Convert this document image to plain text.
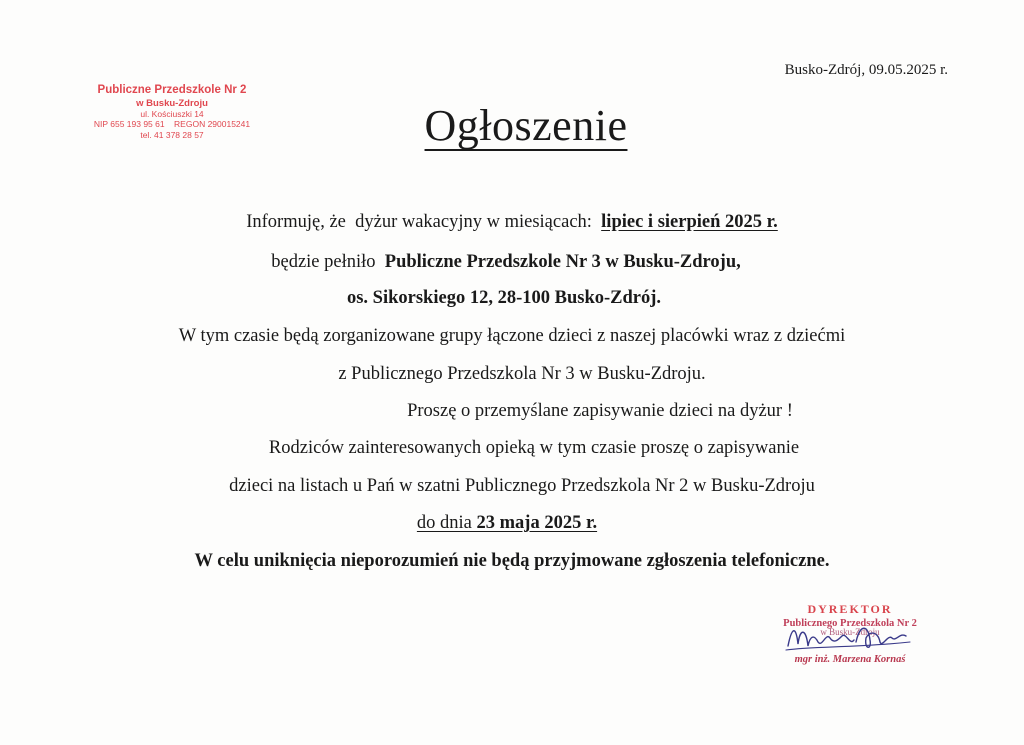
Publiczne Przedszkole Nr 2
w Busku-Zdroju
ul. Kościuszki 14
NIP 655 193 95 61    REGON 290015241
tel. 41 378 28 57
Busko-Zdrój, 09.05.2025 r.
Ogłoszenie
Informuję, że  dyżur wakacyjny w miesiącach:  lipiec i sierpień 2025 r.
będzie pełniło  Publiczne Przedszkole Nr 3 w Busku-Zdroju,
os. Sikorskiego 12, 28-100 Busko-Zdrój.
W tym czasie będą zorganizowane grupy łączone dzieci z naszej placówki wraz z dziećmi
z Publicznego Przedszkola Nr 3 w Busku-Zdroju.
Proszę o przemyślane zapisywanie dzieci na dyżur !
Rodziców zainteresowanych opieką w tym czasie proszę o zapisywanie
dzieci na listach u Pań w szatni Publicznego Przedszkola Nr 2 w Busku-Zdroju
do dnia 23 maja 2025 r.
W celu uniknięcia nieporozumień nie będą przyjmowane zgłoszenia telefoniczne.
DYREKTOR
Publicznego Przedszkola Nr 2
w Busku-Zdroju
mgr inż. Marzena Kornaś
